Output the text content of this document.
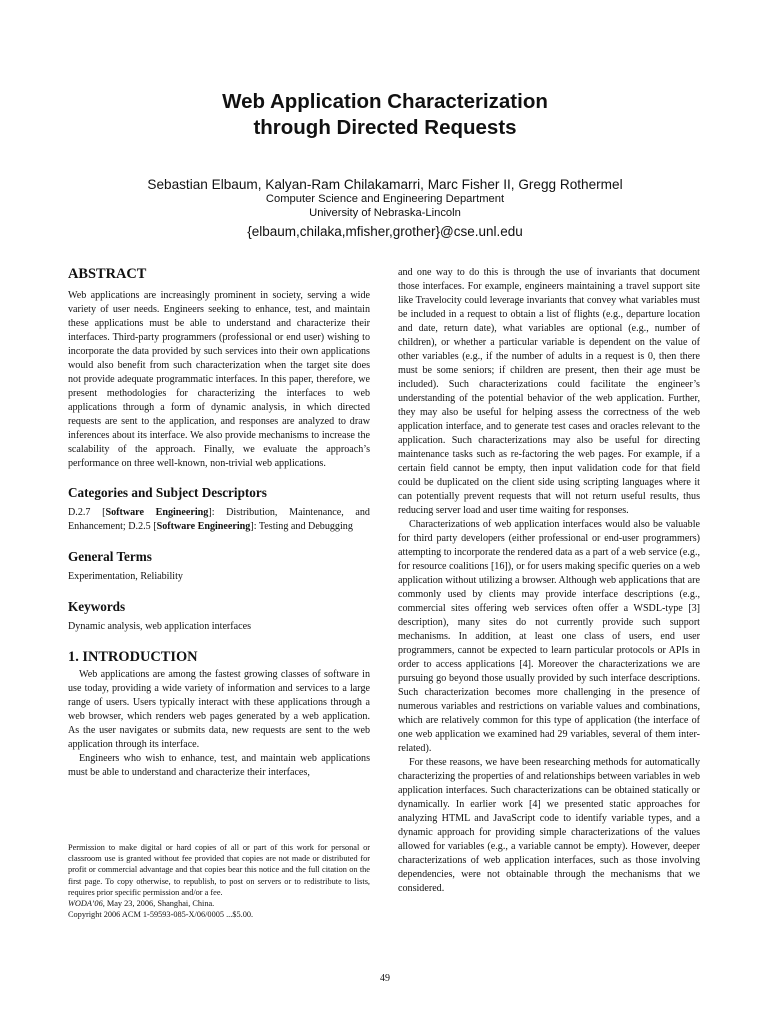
Web Application Characterization
through Directed Requests
Sebastian Elbaum, Kalyan-Ram Chilakamarri, Marc Fisher II, Gregg Rothermel
Computer Science and Engineering Department
University of Nebraska-Lincoln
{elbaum,chilaka,mfisher,grother}@cse.unl.edu
ABSTRACT

Web applications are increasingly prominent in society, serving a wide variety of user needs. Engineers seeking to enhance, test, and maintain these applications must be able to understand and characterize their interfaces. Third-party programmers (professional or end user) wishing to incorporate the data provided by such services into their own applications would also benefit from such characterization when the target site does not provide adequate programmatic interfaces. In this paper, therefore, we present methodologies for characterizing the interfaces to web applications through a form of dynamic analysis, in which directed requests are sent to the application, and responses are analyzed to draw inferences about its interface. We also provide mechanisms to increase the scalability of the approach. Finally, we evaluate the approach’s performance on three well-known, non-trivial web applications.

Categories and Subject Descriptors

D.2.7 [Software Engineering]: Distribution, Maintenance, and Enhancement; D.2.5 [Software Engineering]: Testing and Debugging

General Terms

Experimentation, Reliability

Keywords

Dynamic analysis, web application interfaces

1. INTRODUCTION

Web applications are among the fastest growing classes of software in use today, providing a wide variety of information and services to a large range of users. Users typically interact with these applications through a web browser, which renders web pages generated by a web application. As the user navigates or submits data, new requests are sent to the web application through its interface.

Engineers who wish to enhance, test, and maintain web applications must be able to understand and characterize their interfaces,

Permission to make digital or hard copies of all or part of this work for personal or classroom use is granted without fee provided that copies are not made or distributed for profit or commercial advantage and that copies bear this notice and the full citation on the first page. To copy otherwise, to republish, to post on servers or to redistribute to lists, requires prior specific permission and/or a fee.

WODA’06, May 23, 2006, Shanghai, China.

Copyright 2006 ACM 1-59593-085-X/06/0005 ...$5.00.

and one way to do this is through the use of invariants that document those interfaces. For example, engineers maintaining a travel support site like Travelocity could leverage invariants that convey what variables must be included in a request to obtain a list of flights (e.g., departure location and date, return date), what variables are optional (e.g., number of children), or whether a particular variable is dependent on the value of other variables (e.g., if the number of adults in a request is 0, then there must be some seniors; if children are present, then their age must be included). Such characterizations could facilitate the engineer’s understanding of the potential behavior of the web application. Further, they may also be useful for helping assess the correctness of the web application interface, and to generate test cases and oracles relevant to the application. Such characterizations may also be useful for directing maintenance tasks such as re-factoring the web pages. For example, if a certain field cannot be empty, then input validation code for that field could be duplicated on the client side using scripting languages where it can potentially prevent requests that will not return useful results, thus reducing server load and user time waiting for responses.

Characterizations of web application interfaces would also be valuable for third party developers (either professional or end-user programmers) attempting to incorporate the rendered data as a part of a web service (e.g., for resource coalitions [16]), or for users making specific queries on a web application without utilizing a browser. Although web applications that are commonly used by clients may provide interface descriptions (e.g., commercial sites offering web services often offer a WSDL-type [3] description), many sites do not currently provide such support mechanisms. In addition, at least one class of users, end user programmers, cannot be expected to learn particular protocols or APIs in order to access applications [4]. Moreover the characterizations we are pursuing go beyond those usually provided by such interface descriptions. Such characterization becomes more challenging in the presence of numerous variables and restrictions on variable values and combinations, which are relatively common for this type of application (the interface of one web application we examined had 29 variables, several of them inter-related).

For these reasons, we have been researching methods for automatically characterizing the properties of and relationships between variables in web application interfaces. Such characterizations can be obtained statically or dynamically. In earlier work [4] we presented static approaches for analyzing HTML and JavaScript code to identify variable types, and a dynamic approach for providing simple characterizations of the values allowed for variables (e.g., a variable cannot be empty). However, deeper characterizations of web application interfaces, such as those involving dependencies, were not obtainable through the mechanisms that we considered.

49
